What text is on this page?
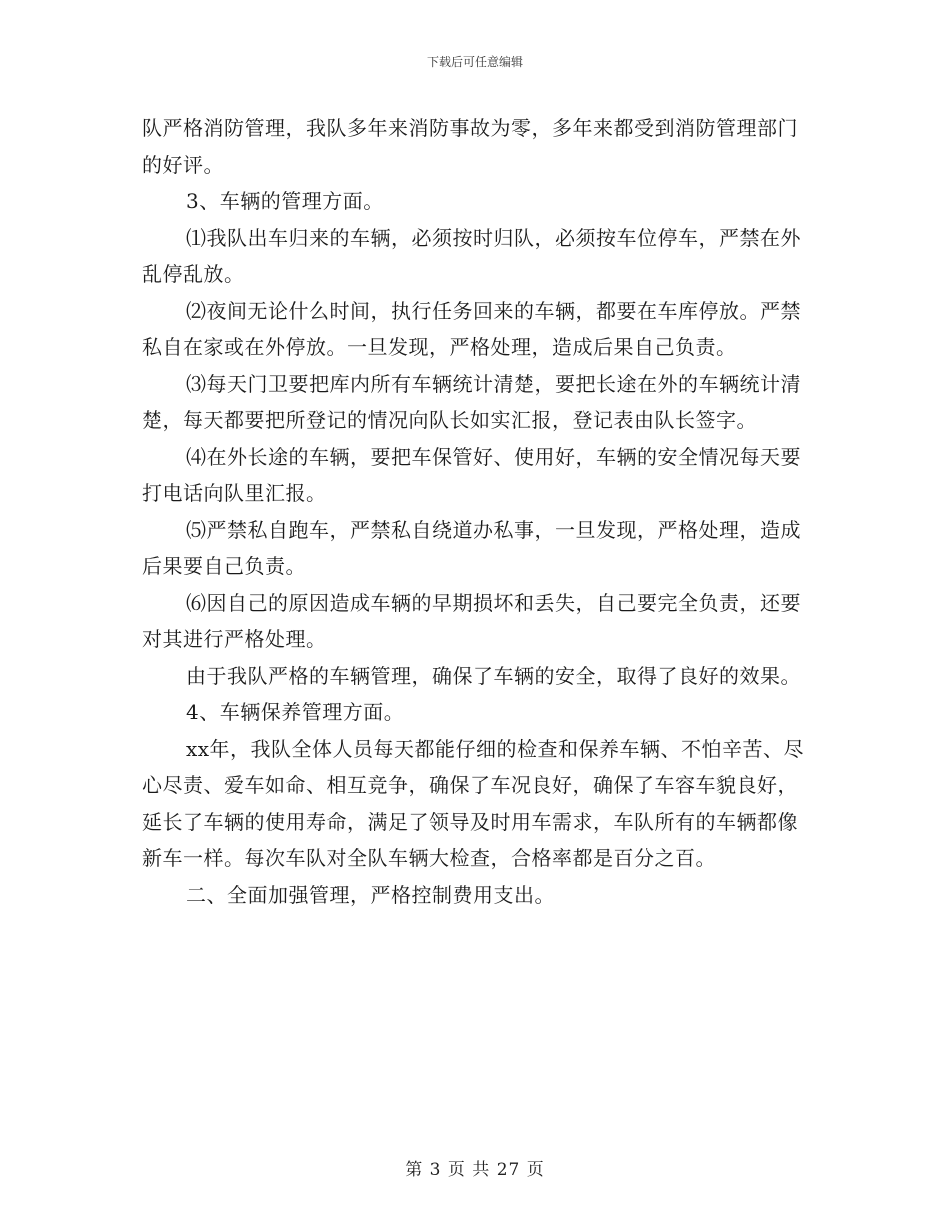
下载后可任意编辑

队严格消防管理，我队多年来消防事故为零，多年来都受到消防管理部门的好评。

3、车辆的管理方面。

⑴我队出车归来的车辆，必须按时归队，必须按车位停车，严禁在外乱停乱放。

⑵夜间无论什么时间，执行任务回来的车辆，都要在车库停放。严禁私自在家或在外停放。一旦发现，严格处理，造成后果自己负责。

⑶每天门卫要把库内所有车辆统计清楚，要把长途在外的车辆统计清楚，每天都要把所登记的情况向队长如实汇报，登记表由队长签字。

⑷在外长途的车辆，要把车保管好、使用好，车辆的安全情况每天要打电话向队里汇报。

⑸严禁私自跑车，严禁私自绕道办私事，一旦发现，严格处理，造成后果要自己负责。

⑹因自己的原因造成车辆的早期损坏和丢失，自己要完全负责，还要对其进行严格处理。

由于我队严格的车辆管理，确保了车辆的安全，取得了良好的效果。

4、车辆保养管理方面。

xx年，我队全体人员每天都能仔细的检查和保养车辆、不怕辛苦、尽心尽责、爱车如命、相互竞争，确保了车况良好，确保了车容车貌良好，延长了车辆的使用寿命，满足了领导及时用车需求，车队所有的车辆都像新车一样。每次车队对全队车辆大检查，合格率都是百分之百。

二、全面加强管理，严格控制费用支出。

第 3 页 共 27 页
